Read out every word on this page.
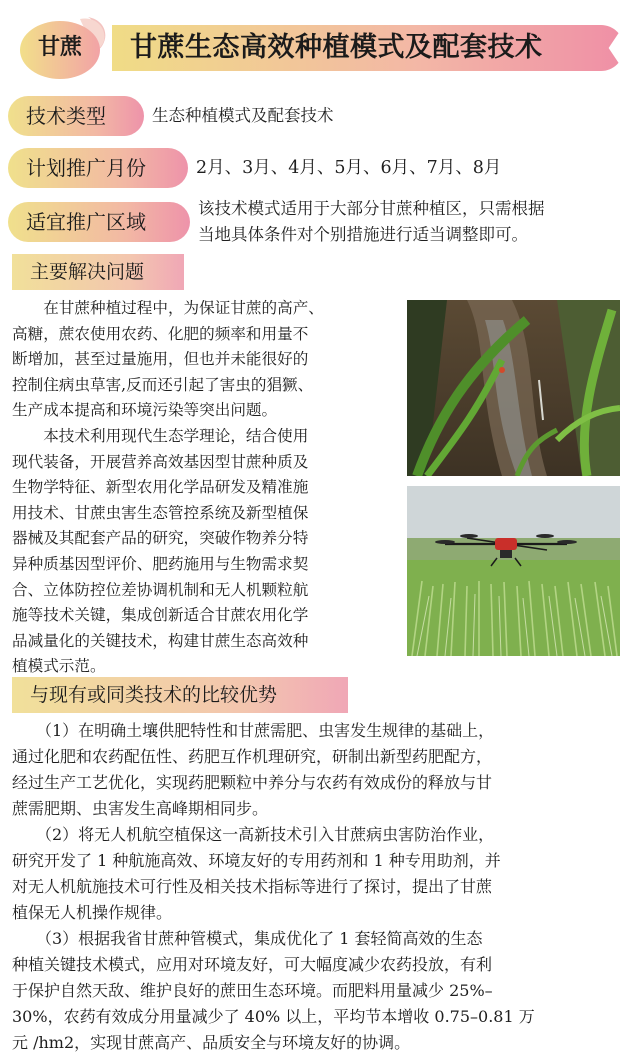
甘蔗生态高效种植模式及配套技术
甘蔗
技术类型	生态种植模式及配套技术
计划推广月份	2月、3月、4月、5月、6月、7月、8月
适宜推广区域
该技术模式适用于大部分甘蔗种植区，只需根据
当地具体条件对个别措施进行适当调整即可。
主要解决问题

　　在甘蔗种植过程中，为保证甘蔗的高产、

高糖，蔗农使用农药、化肥的频率和用量不

断增加，甚至过量施用，但也并未能很好的

控制住病虫草害,反而还引起了害虫的猖獗、

生产成本提高和环境污染等突出问题。

　　本技术利用现代生态学理论，结合使用

现代装备，开展营养高效基因型甘蔗种质及

生物学特征、新型农用化学品研发及精准施

用技术、甘蔗虫害生态管控系统及新型植保

器械及其配套产品的研究，突破作物养分特

异种质基因型评价、肥药施用与生物需求契

合、立体防控位差协调机制和无人机颗粒航

施等技术关键，集成创新适合甘蔗农用化学

品减量化的关键技术，构建甘蔗生态高效种

植模式示范。

与现有或同类技术的比较优势

　　（1）在明确土壤供肥特性和甘蔗需肥、虫害发生规律的基础上，

通过化肥和农药配伍性、药肥互作机理研究，研制出新型药肥配方，

经过生产工艺优化，实现药肥颗粒中养分与农药有效成份的释放与甘

蔗需肥期、虫害发生高峰期相同步。

　　（2）将无人机航空植保这一高新技术引入甘蔗病虫害防治作业，

研究开发了 1 种航施高效、环境友好的专用药剂和 1 种专用助剂，并

对无人机航施技术可行性及相关技术指标等进行了探讨，提出了甘蔗

植保无人机操作规律。

　　（3）根据我省甘蔗种管模式，集成优化了 1 套轻简高效的生态

种植关键技术模式，应用对环境友好，可大幅度减少农药投放，有利

于保护自然天敌、维护良好的蔗田生态环境。而肥料用量减少 25%–

30%，农药有效成分用量减少了 40% 以上，平均节本增收 0.75–0.81 万

元 /hm2，实现甘蔗高产、品质安全与环境友好的协调。
